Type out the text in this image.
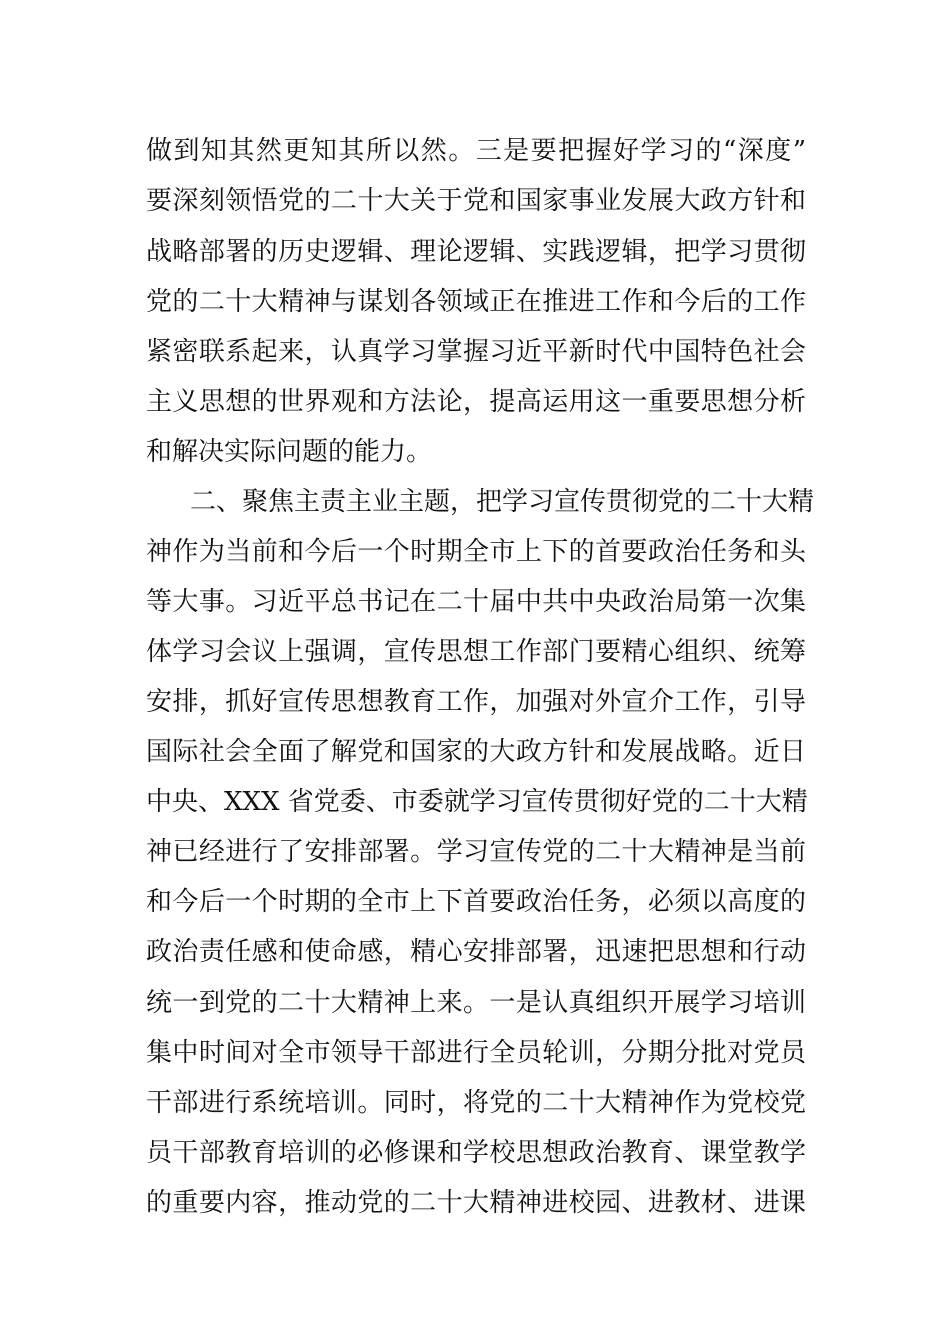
做到知其然更知其所以然。三是要把握好学习的“深度”
要深刻领悟党的二十大关于党和国家事业发展大政方针和
战略部署的历史逻辑、理论逻辑、实践逻辑，把学习贯彻
党的二十大精神与谋划各领域正在推进工作和今后的工作
紧密联系起来，认真学习掌握习近平新时代中国特色社会
主义思想的世界观和方法论，提高运用这一重要思想分析
和解决实际问题的能力。
二、聚焦主责主业主题，把学习宣传贯彻党的二十大精
神作为当前和今后一个时期全市上下的首要政治任务和头
等大事。习近平总书记在二十届中共中央政治局第一次集
体学习会议上强调，宣传思想工作部门要精心组织、统筹
安排，抓好宣传思想教育工作，加强对外宣介工作，引导
国际社会全面了解党和国家的大政方针和发展战略。近日
中央、XXX 省党委、市委就学习宣传贯彻好党的二十大精
神已经进行了安排部署。学习宣传党的二十大精神是当前
和今后一个时期的全市上下首要政治任务，必须以高度的
政治责任感和使命感，精心安排部署，迅速把思想和行动
统一到党的二十大精神上来。一是认真组织开展学习培训
集中时间对全市领导干部进行全员轮训，分期分批对党员
干部进行系统培训。同时，将党的二十大精神作为党校党
员干部教育培训的必修课和学校思想政治教育、课堂教学
的重要内容，推动党的二十大精神进校园、进教材、进课
